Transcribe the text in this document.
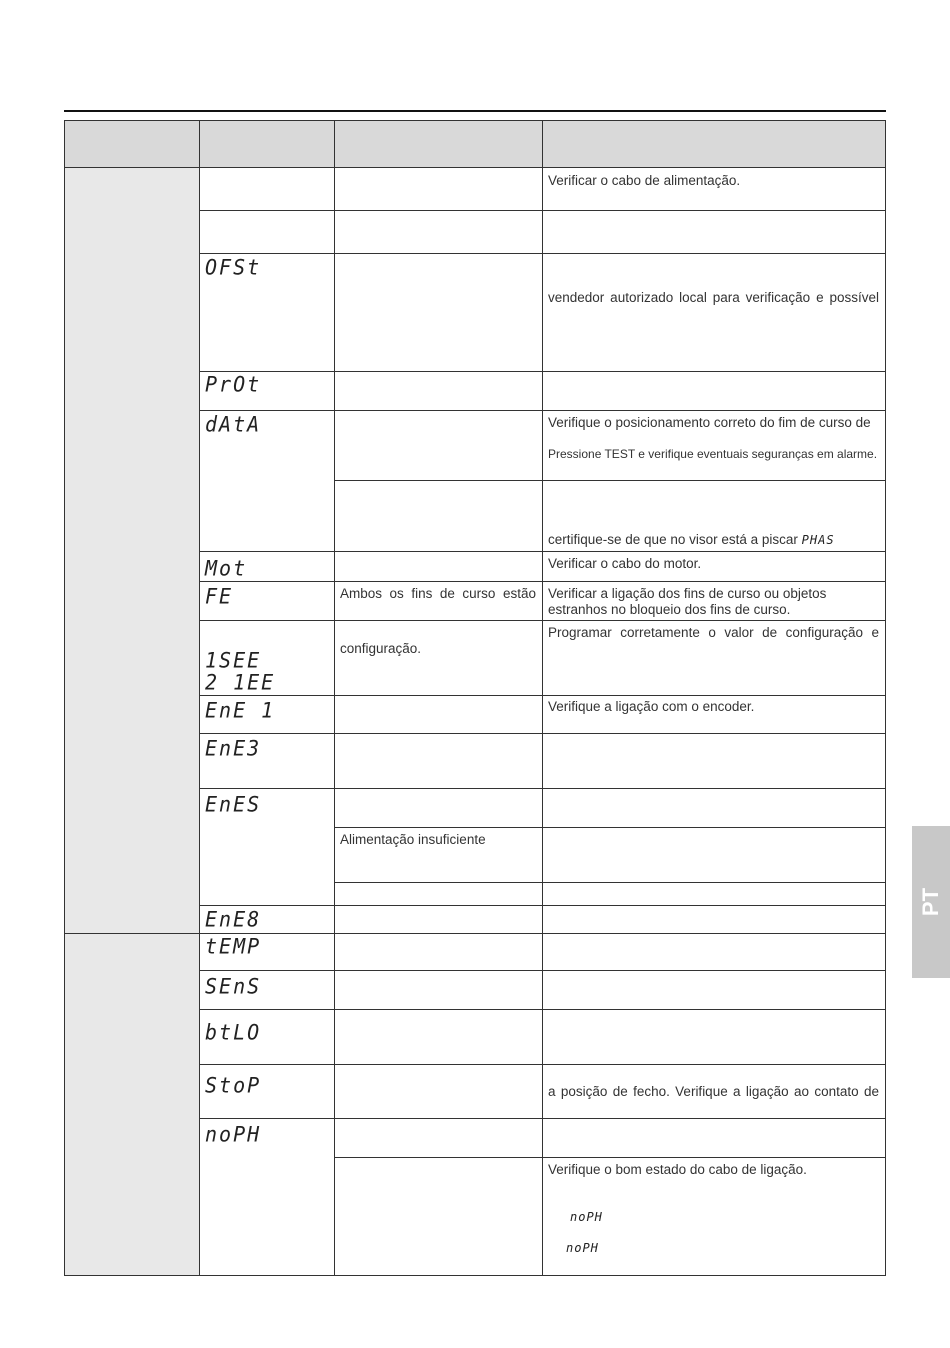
OFSt
PrOt
dAtA
Mot
FE
1SEE
2 1EE
EnE 1
EnE3
EnES
EnE8
tEMP
SEnS
btLO
StoP
noPH
Verificar o cabo de alimentação.
vendedor autorizado local para verificação e possível
Verifique o posicionamento correto do fim de curso de
Pressione TEST e verifique eventuais seguranças em alarme.
certifique-se de que no visor está a piscar PHAS
Verificar o cabo do motor.
Ambos os fins de curso estão Verificar a ligação dos fins de curso ou objetos
estranhos no bloqueio dos fins de curso.
configuração.
Programar corretamente o valor de configuração e
Verifique a ligação com o encoder.
Alimentação insuficiente
a posição de fecho. Verifique a ligação ao contato de
Verifique o bom estado do cabo de ligação.
noPH
noPH
PT
